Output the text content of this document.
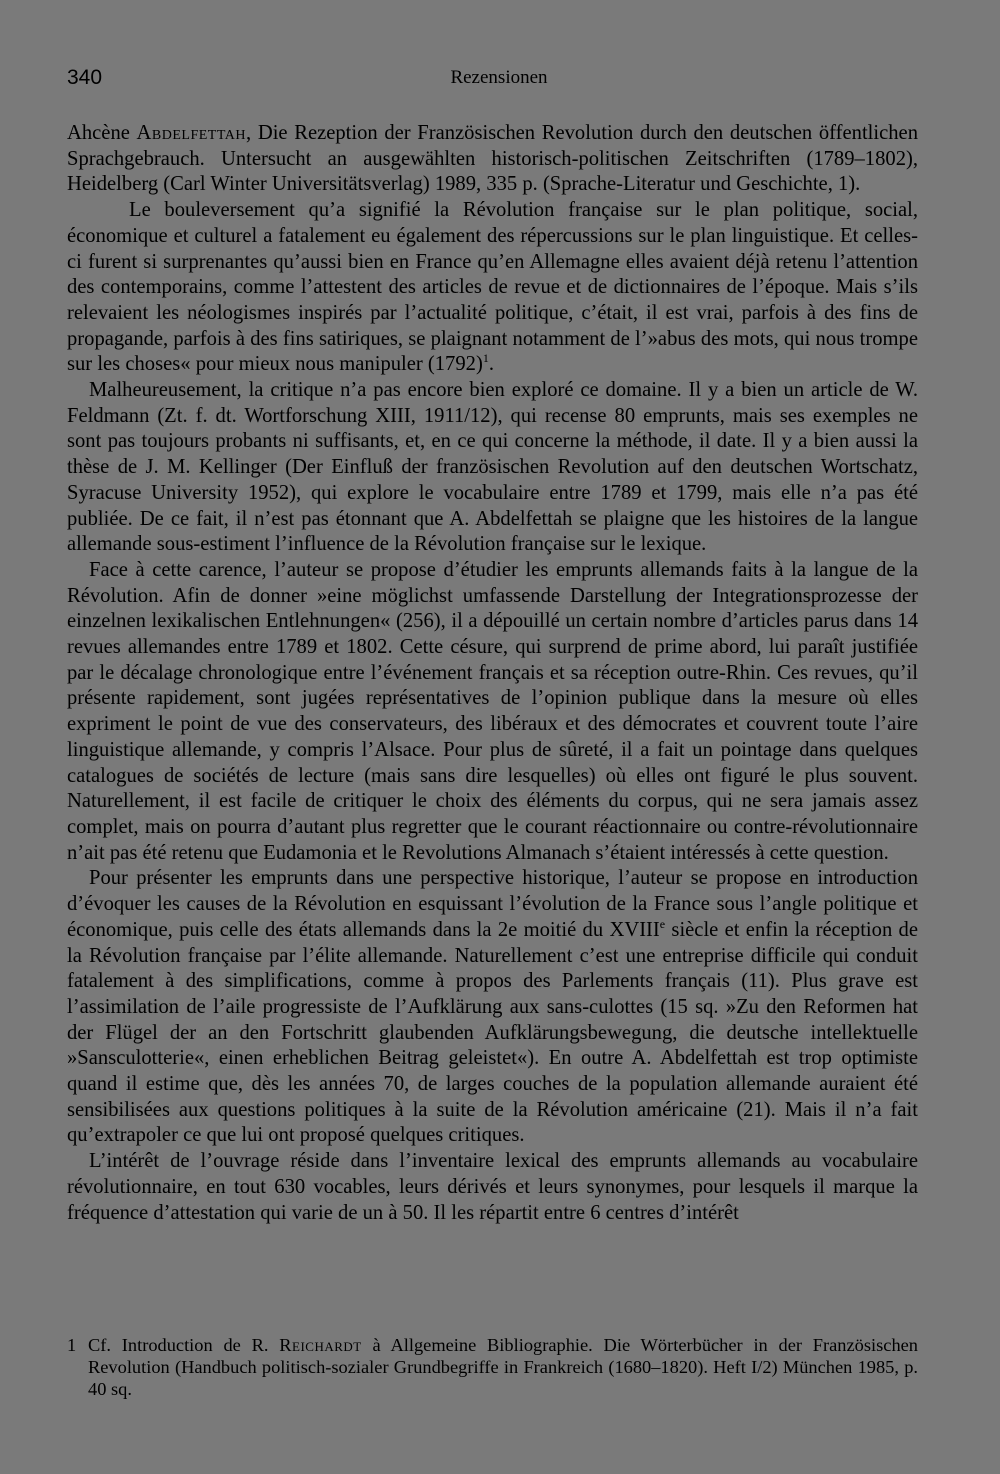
340	Rezensionen

Ahcène Abdelfettah, Die Rezeption der Französischen Revolution durch den deutschen öffentlichen Sprachgebrauch. Untersucht an ausgewählten historisch-politischen Zeitschriften (1789–1802), Heidelberg (Carl Winter Universitätsverlag) 1989, 335 p. (Sprache-Literatur und Geschichte, 1).

Le bouleversement qu’a signifié la Révolution française sur le plan politique, social, économique et culturel a fatalement eu également des répercussions sur le plan linguistique. Et celles-ci furent si surprenantes qu’aussi bien en France qu’en Allemagne elles avaient déjà retenu l’attention des contemporains, comme l’attestent des articles de revue et de dictionnaires de l’époque. Mais s’ils relevaient les néologismes inspirés par l’actualité politique, c’était, il est vrai, parfois à des fins de propagande, parfois à des fins satiriques, se plaignant notamment de l’»abus des mots, qui nous trompe sur les choses« pour mieux nous manipuler $(1792)^1$.

Malheureusement, la critique n’a pas encore bien exploré ce domaine. Il y a bien un article de W. Feldmann (Zt. f. dt. Wortforschung XIII, 1911/12), qui recense 80 emprunts, mais ses exemples ne sont pas toujours probants ni suffisants, et, en ce qui concerne la méthode, il date. Il y a bien aussi la thèse de J. M. Kellinger (Der Einfluß der französischen Revolution auf den deutschen Wortschatz, Syracuse University 1952), qui explore le vocabulaire entre 1789 et 1799, mais elle n’a pas été publiée. De ce fait, il n’est pas étonnant que A. Abdelfettah se plaigne que les histoires de la langue allemande sous-estiment l’influence de la Révolution française sur le lexique.

Face à cette carence, l’auteur se propose d’étudier les emprunts allemands faits à la langue de la Révolution. Afin de donner »eine möglichst umfassende Darstellung der Integrationsprozesse der einzelnen lexikalischen Entlehnungen« (256), il a dépouillé un certain nombre d’articles parus dans 14 revues allemandes entre 1789 et 1802. Cette césure, qui surprend de prime abord, lui paraît justifiée par le décalage chronologique entre l’événement français et sa réception outre-Rhin. Ces revues, qu’il présente rapidement, sont jugées représentatives de l’opinion publique dans la mesure où elles expriment le point de vue des conservateurs, des libéraux et des démocrates et couvrent toute l’aire linguistique allemande, y compris l’Alsace. Pour plus de sûreté, il a fait un pointage dans quelques catalogues de sociétés de lecture (mais sans dire lesquelles) où elles ont figuré le plus souvent. Naturellement, il est facile de critiquer le choix des éléments du corpus, qui ne sera jamais assez complet, mais on pourra d’autant plus regretter que le courant réactionnaire ou contre-révolutionnaire n’ait pas été retenu que Eudamonia et le Revolutions Almanach s’étaient intéressés à cette question.

Pour présenter les emprunts dans une perspective historique, l’auteur se propose en introduction d’évoquer les causes de la Révolution en esquissant l’évolution de la France sous l’angle politique et économique, puis celle des états allemands dans la 2e moitié du XVIIIe siècle et enfin la réception de la Révolution française par l’élite allemande. Naturellement c’est une entreprise difficile qui conduit fatalement à des simplifications, comme à propos des Parlements français (11). Plus grave est l’assimilation de l’aile progressiste de l’Aufklärung aux sans-culottes (15 sq. »Zu den Reformen hat der Flügel der an den Fortschritt glaubenden Aufklärungsbewegung, die deutsche intellektuelle »Sansculotterie«, einen erheblichen Beitrag geleistet«). En outre A. Abdelfettah est trop optimiste quand il estime que, dès les années 70, de larges couches de la population allemande auraient été sensibilisées aux questions politiques à la suite de la Révolution américaine (21). Mais il n’a fait qu’extrapoler ce que lui ont proposé quelques critiques.

L’intérêt de l’ouvrage réside dans l’inventaire lexical des emprunts allemands au vocabulaire révolutionnaire, en tout 630 vocables, leurs dérivés et leurs synonymes, pour lesquels il marque la fréquence d’attestation qui varie de un à 50. Il les répartit entre 6 centres d’intérêt

1 Cf. Introduction de R. Reichardt à Allgemeine Bibliographie. Die Wörterbücher in der Französischen Revolution (Handbuch politisch-sozialer Grundbegriffe in Frankreich (1680–1820). Heft I/2) München 1985, p. 40 sq.
